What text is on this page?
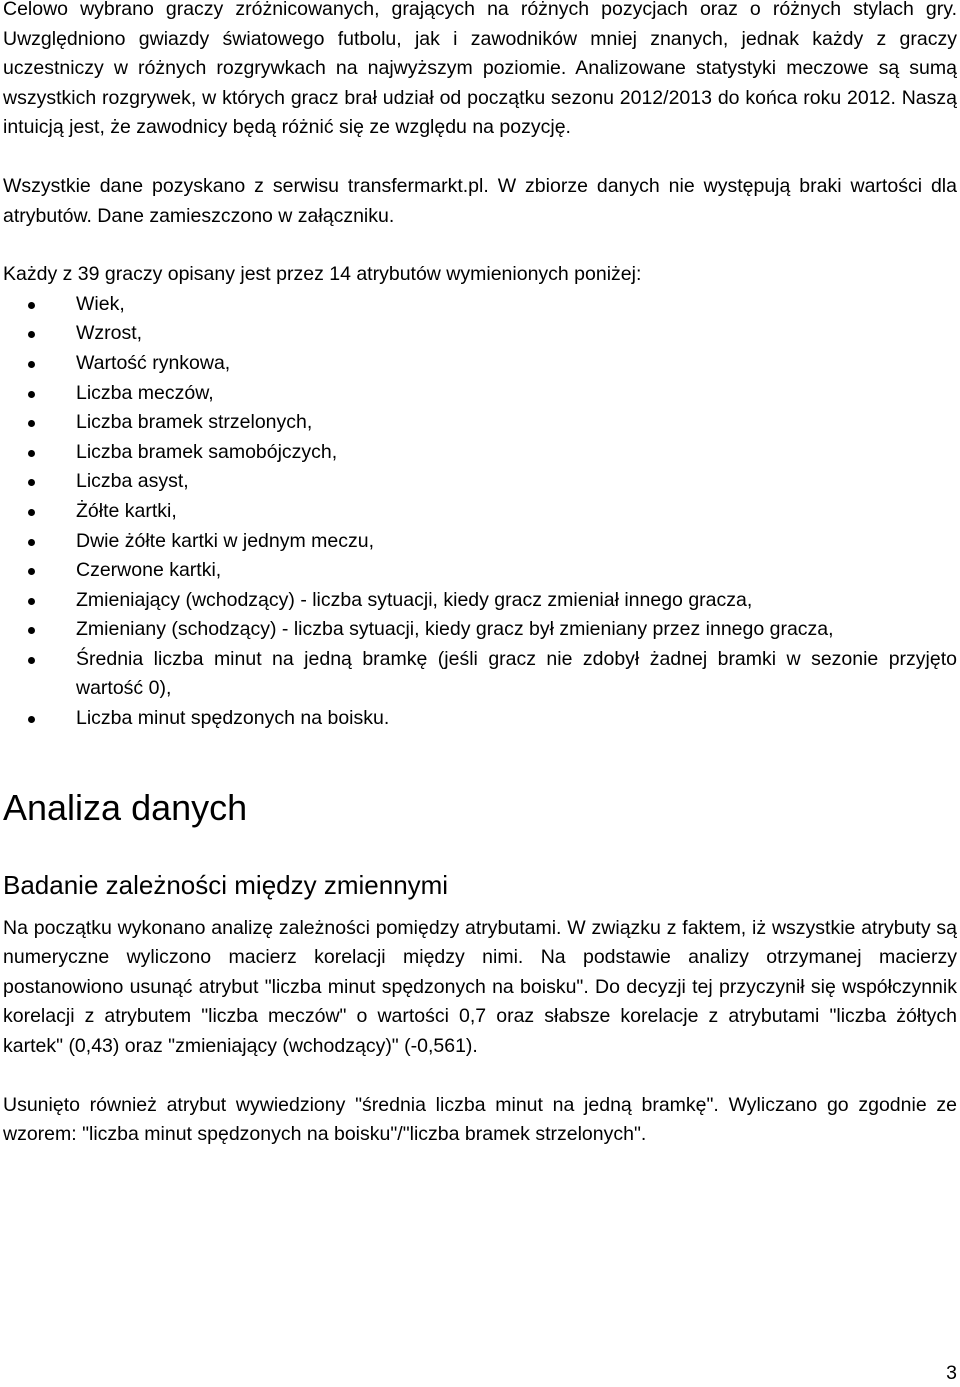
Celowo wybrano graczy zróżnicowanych, grających na różnych pozycjach oraz o różnych stylach gry. Uwzględniono gwiazdy światowego futbolu, jak i zawodników mniej znanych, jednak każdy z graczy uczestniczy w różnych rozgrywkach na najwyższym poziomie. Analizowane statystyki meczowe są sumą wszystkich rozgrywek, w których gracz brał udział od początku sezonu 2012/2013 do końca roku 2012. Naszą intuicją jest, że zawodnicy będą różnić się ze względu na pozycję.

Wszystkie dane pozyskano z serwisu transfermarkt.pl. W zbiorze danych nie występują braki wartości dla atrybutów. Dane zamieszczono w załączniku.

Każdy z 39 graczy opisany jest przez 14 atrybutów wymienionych poniżej:

Wiek,
Wzrost,
Wartość rynkowa,
Liczba meczów,
Liczba bramek strzelonych,
Liczba bramek samobójczych,
Liczba asyst,
Żółte kartki,
Dwie żółte kartki w jednym meczu,
Czerwone kartki,
Zmieniający (wchodzący) - liczba sytuacji, kiedy gracz zmieniał innego gracza,
Zmieniany (schodzący) - liczba sytuacji, kiedy gracz był zmieniany przez innego gracza,
Średnia liczba minut na jedną bramkę (jeśli gracz nie zdobył żadnej bramki w sezonie przyjęto wartość 0),
Liczba minut spędzonych na boisku.
Analiza danych
Badanie zależności między zmiennymi

Na początku wykonano analizę zależności pomiędzy atrybutami. W związku z faktem, iż wszystkie atrybuty są numeryczne wyliczono macierz korelacji między nimi. Na podstawie analizy otrzymanej macierzy postanowiono usunąć atrybut "liczba minut spędzonych na boisku". Do decyzji tej przyczynił się współczynnik korelacji z atrybutem "liczba meczów" o wartości 0,7 oraz słabsze korelacje z atrybutami "liczba żółtych kartek" (0,43) oraz "zmieniający (wchodzący)" (-0,561).

Usunięto również atrybut wywiedziony "średnia liczba minut na jedną bramkę". Wyliczano go zgodnie ze wzorem: "liczba minut spędzonych na boisku"/"liczba bramek strzelonych".

3
